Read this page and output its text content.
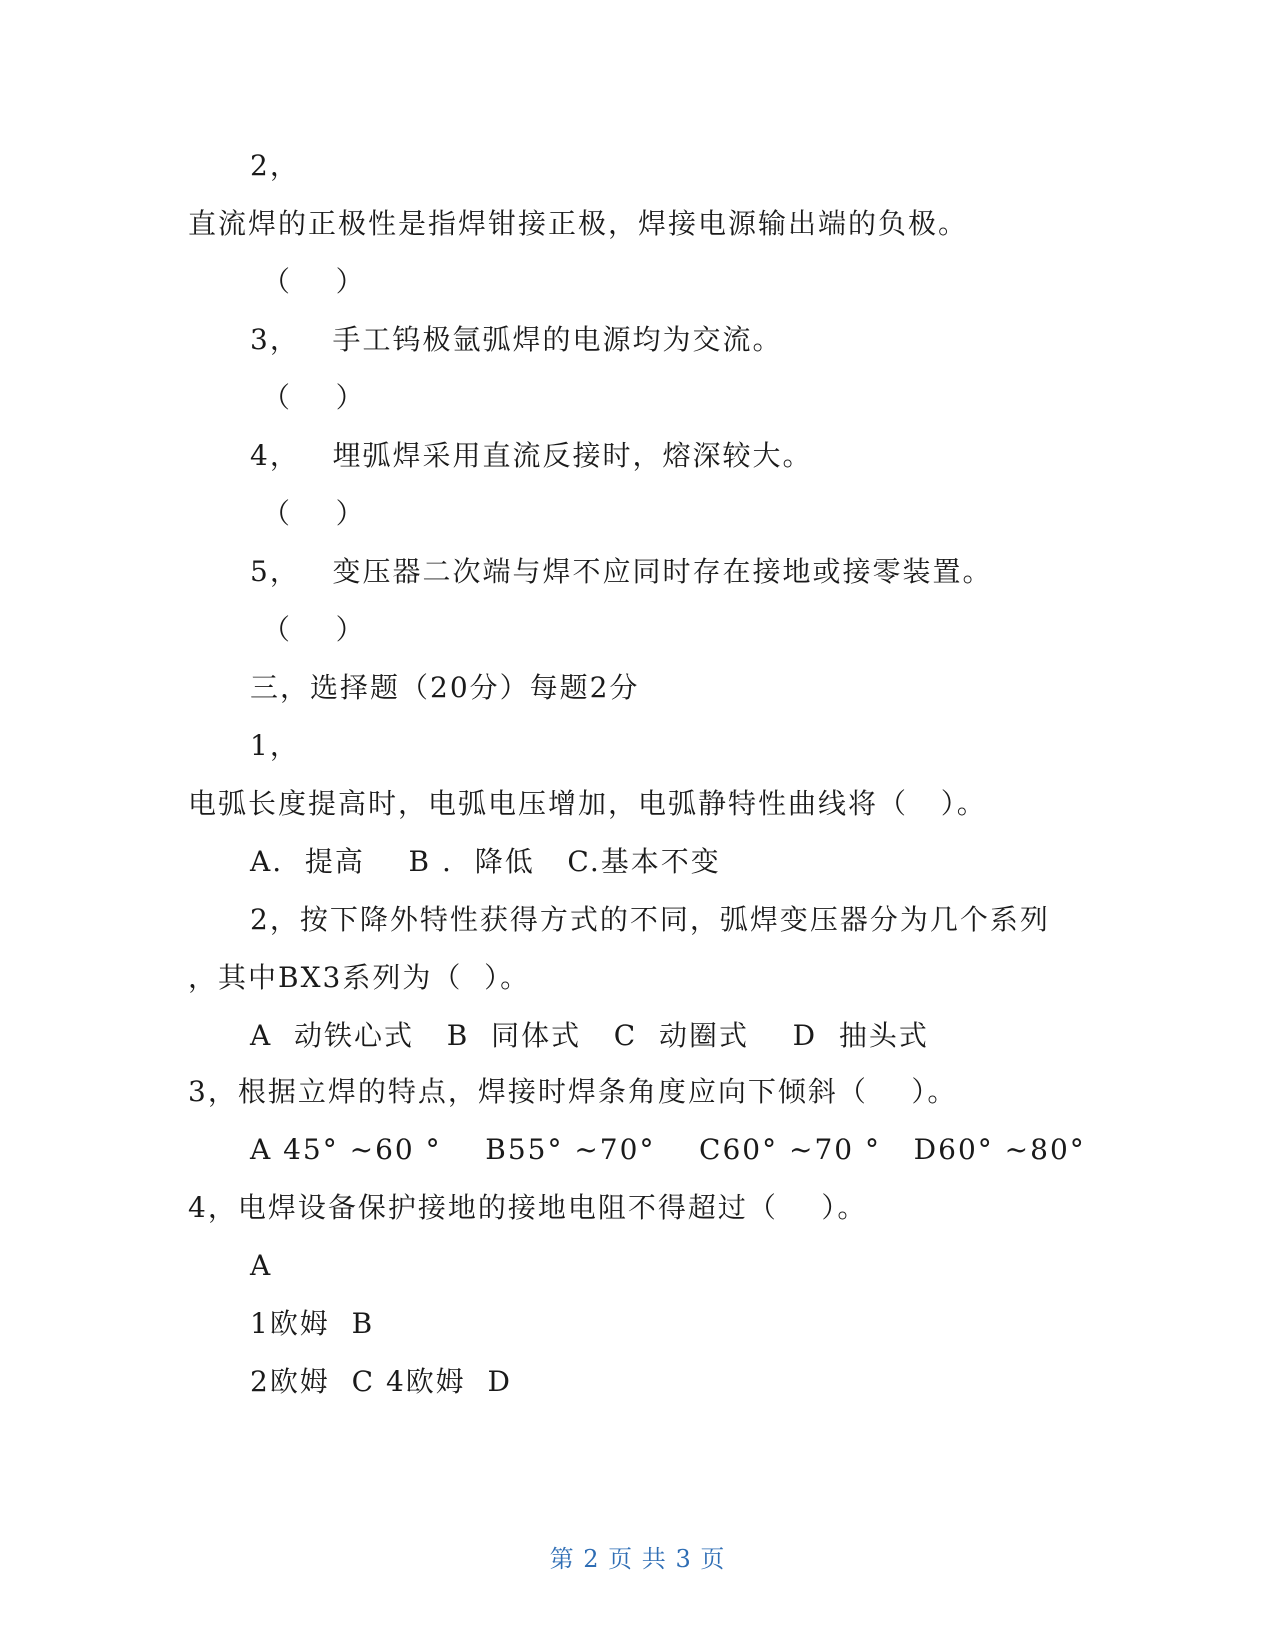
2，
直流焊的正极性是指焊钳接正极，焊接电源输出端的负极。
（    ）
3，   手工钨极氩弧焊的电源均为交流。
（    ）
4，   埋弧焊采用直流反接时，熔深较大。
（    ）
5，   变压器二次端与焊不应同时存在接地或接零装置。
（    ）
三，选择题（20分）每题2分
1，
电弧长度提高时，电弧电压增加，电弧静特性曲线将（   ）。
A.  提高    B .  降低   C.基本不变
2，按下降外特性获得方式的不同，弧焊变压器分为几个系列
，其中BX3系列为（  ）。
A  动铁心式   B  同体式   C  动圈式    D  抽头式
3，根据立焊的特点，焊接时焊条角度应向下倾斜（    ）。
A 45° ~60 °    B55° ~70°    C60° ~70 °   D60° ~80°
4，电焊设备保护接地的接地电阻不得超过（    ）。
A
1欧姆  B
2欧姆  C 4欧姆  D
第 2 页 共 3 页
